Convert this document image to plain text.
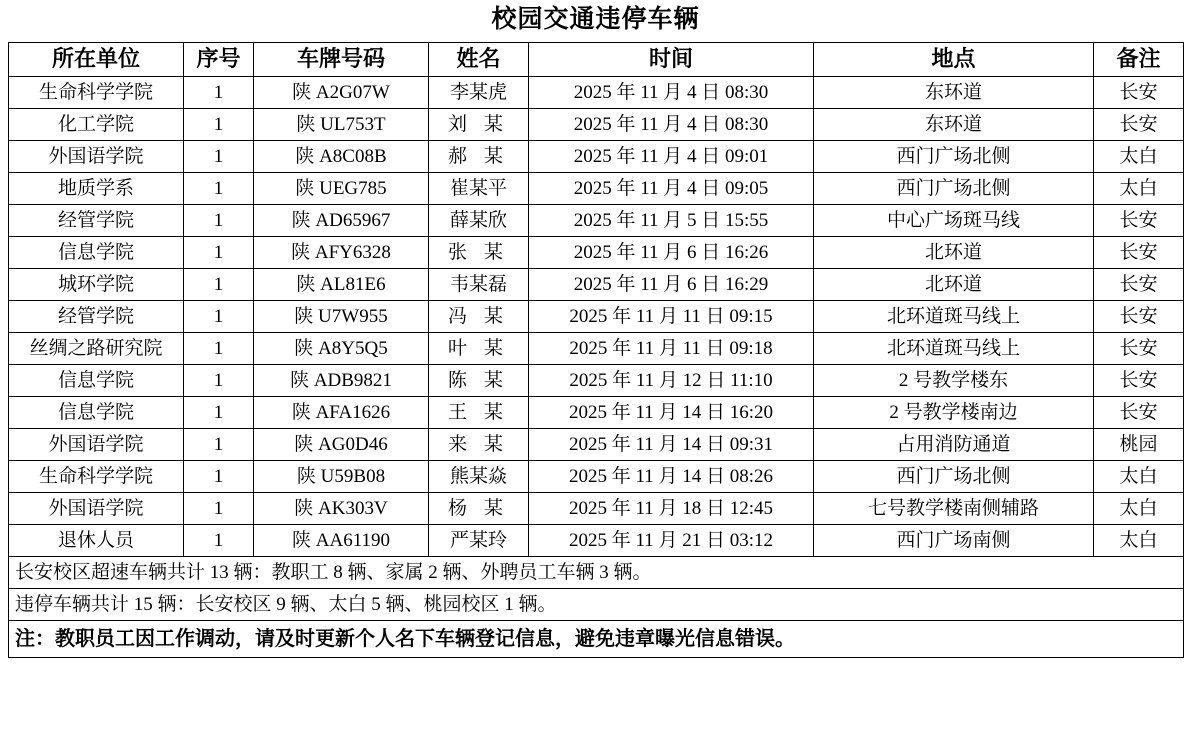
校园交通违停车辆
所在单位	序号	车牌号码	姓名	时间	地点	备注
生命科学学院	1	陕 A2G07W	李某虎	2025 年 11 月 4 日 08:30	东环道	长安
化工学院	1	陕 UL753T	刘 某	2025 年 11 月 4 日 08:30	东环道	长安
外国语学院	1	陕 A8C08B	郝 某	2025 年 11 月 4 日 09:01	西门广场北侧	太白
地质学系	1	陕 UEG785	崔某平	2025 年 11 月 4 日 09:05	西门广场北侧	太白
经管学院	1	陕 AD65967	薛某欣	2025 年 11 月 5 日 15:55	中心广场斑马线	长安
信息学院	1	陕 AFY6328	张 某	2025 年 11 月 6 日 16:26	北环道	长安
城环学院	1	陕 AL81E6	韦某磊	2025 年 11 月 6 日 16:29	北环道	长安
经管学院	1	陕 U7W955	冯 某	2025 年 11 月 11 日 09:15	北环道斑马线上	长安
丝绸之路研究院	1	陕 A8Y5Q5	叶 某	2025 年 11 月 11 日 09:18	北环道斑马线上	长安
信息学院	1	陕 ADB9821	陈 某	2025 年 11 月 12 日 11:10	2 号教学楼东	长安
信息学院	1	陕 AFA1626	王 某	2025 年 11 月 14 日 16:20	2 号教学楼南边	长安
外国语学院	1	陕 AG0D46	来 某	2025 年 11 月 14 日 09:31	占用消防通道	桃园
生命科学学院	1	陕 U59B08	熊某焱	2025 年 11 月 14 日 08:26	西门广场北侧	太白
外国语学院	1	陕 AK303V	杨 某	2025 年 11 月 18 日 12:45	七号教学楼南侧辅路	太白
退休人员	1	陕 AA61190	严某玲	2025 年 11 月 21 日 03:12	西门广场南侧	太白
长安校区超速车辆共计 13 辆：教职工 8 辆、家属 2 辆、外聘员工车辆 3 辆。						
违停车辆共计 15 辆：长安校区 9 辆、太白 5 辆、桃园校区 1 辆。						
注：教职员工因工作调动，请及时更新个人名下车辆登记信息，避免违章曝光信息错误。						
